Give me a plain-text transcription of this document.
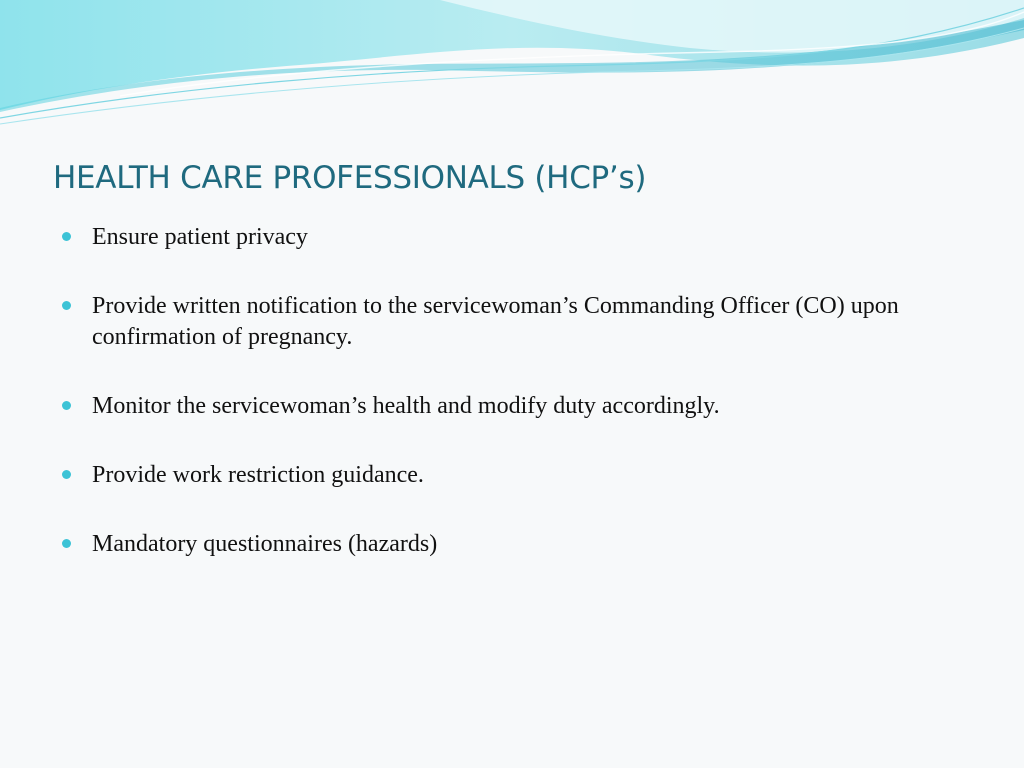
HEALTH CARE PROFESSIONALS (HCP’s)
Ensure patient privacy
Provide written notification to the servicewoman’s Commanding Officer (CO) upon confirmation of pregnancy.
Monitor the servicewoman’s health and modify duty accordingly.
Provide work restriction guidance.
Mandatory questionnaires (hazards)
